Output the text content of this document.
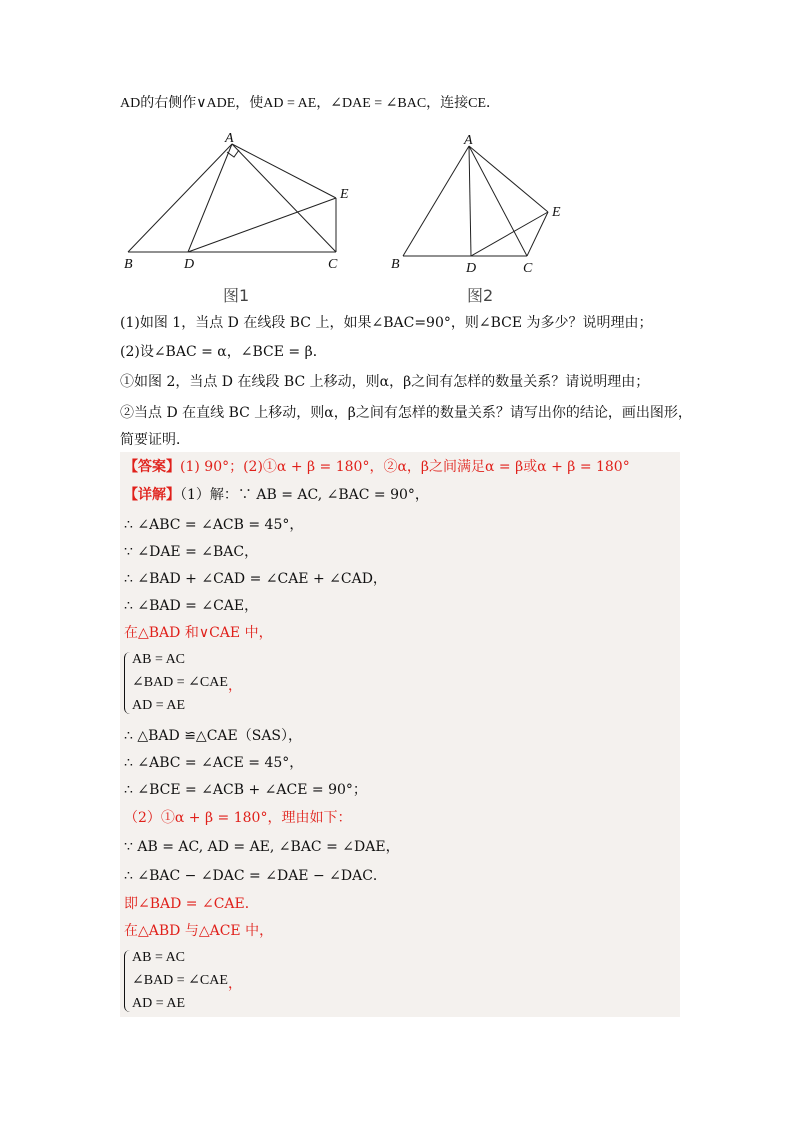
AD的右侧作∨ADE，使AD = AE，∠DAE = ∠BAC，连接CE．
A
B	D	C
E
图1
A
B	D	C
E
图2
(1)如图 1，当点 D 在线段 BC 上，如果∠BAC=90°，则∠BCE 为多少？说明理由；
(2)设∠BAC = α，∠BCE = β．
①如图 2，当点 D 在线段 BC 上移动，则α，β之间有怎样的数量关系？请说明理由；
②当点 D 在直线 BC 上移动，则α，β之间有怎样的数量关系？请写出你的结论，画出图形，
简要证明．
【答案】(1) 90°；(2)①α + β = 180°，②α，β之间满足α = β或α + β = 180°
【详解】（1）解：∵ AB = AC, ∠BAC = 90°，
∴ ∠ABC = ∠ACB = 45°，
∵ ∠DAE = ∠BAC，
∴ ∠BAD + ∠CAD = ∠CAE + ∠CAD，
∴ ∠BAD = ∠CAE，
在△BAD 和∨CAE 中，
AB = AC
∠BAD = ∠CAE
AD = AE
，
∴ △BAD ≌△CAE（SAS），
∴ ∠ABC = ∠ACE = 45°，
∴ ∠BCE = ∠ACB + ∠ACE = 90°；
（2）①α + β = 180°，理由如下：
∵ AB = AC, AD = AE, ∠BAC = ∠DAE，
∴ ∠BAC − ∠DAC = ∠DAE − ∠DAC．
即∠BAD = ∠CAE．
在△ABD 与△ACE 中，
AB = AC
∠BAD = ∠CAE
AD = AE
，
